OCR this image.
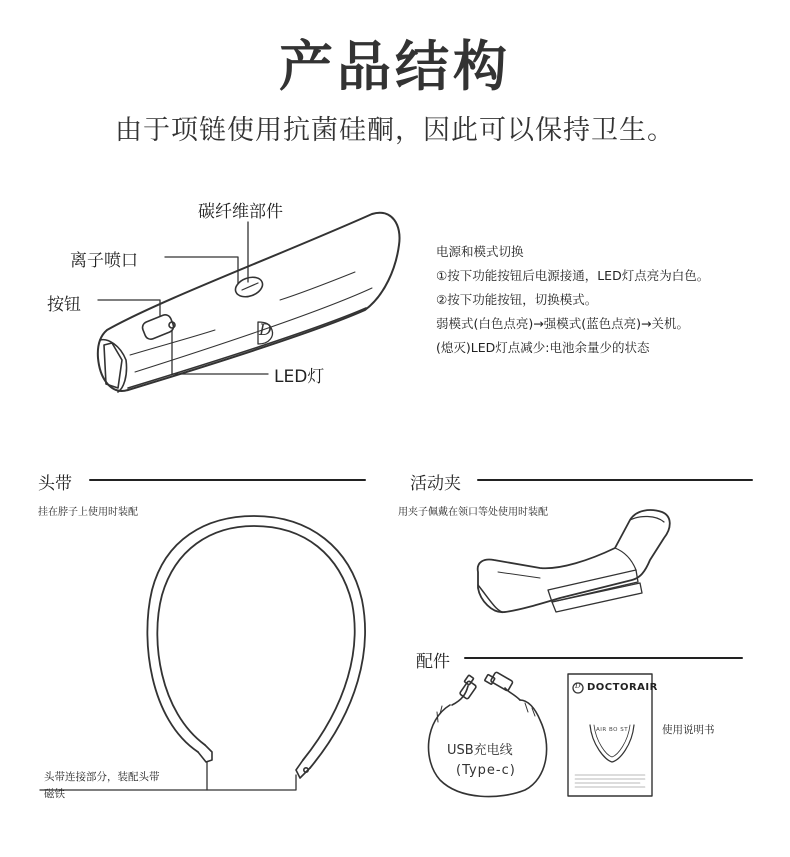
产品结构
由于项链使用抗菌硅酮，因此可以保持卫生。
碳纤维部件
离子喷口
按钮
LED灯
D
电源和模式切换
①按下功能按钮后电源接通，LED灯点亮为白色。
②按下功能按钮，切换模式。
弱模式(白色点亮)→强模式(蓝色点亮)→关机。
(熄灭)LED灯点减少:电池余量少的状态
头带
挂在脖子上使用时装配
头带连接部分，装配头带
磁铁
活动夹
用夹子佩戴在领口等处使用时装配
配件
USB充电线
(Type-c)
D DOCTORAIR
AIR BO ST	使用说明书
